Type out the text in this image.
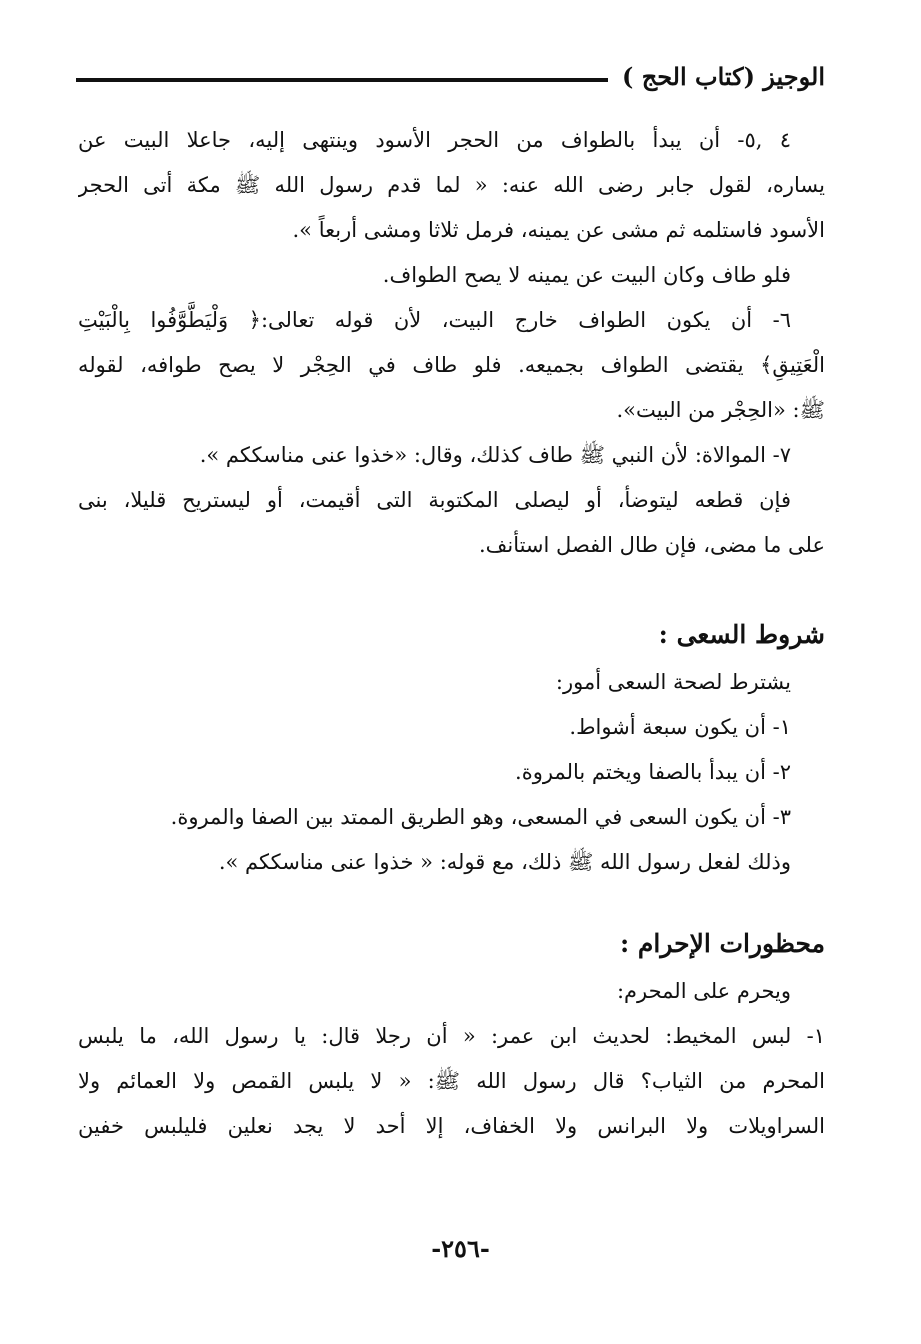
الوجيز (كتاب الحج )
٤ ,٥- أن يبدأ بالطواف من الحجر الأسود وينتهى إليه، جاعلا البيت عن
يساره، لقول جابر رضى الله عنه: « لما قدم رسول الله ﷺ مكة أتى الحجر
الأسود فاستلمه ثم مشى عن يمينه، فرمل ثلاثا ومشى أربعاً ».
فلو طاف وكان البيت عن يمينه لا يصح الطواف.
٦- أن يكون الطواف خارج البيت، لأن قوله تعالى:﴿ وَلْيَطَّوَّفُوا بِالْبَيْتِ
الْعَتِيقِ﴾ يقتضى الطواف بجميعه. فلو طاف في الحِجْر لا يصح طوافه، لقوله
ﷺ: «الحِجْر من البيت».
٧- الموالاة: لأن النبي ﷺ طاف كذلك، وقال: «خذوا عنى مناسككم ».
فإن قطعه ليتوضأ، أو ليصلى المكتوبة التى أقيمت، أو ليستريح قليلا، بنى
على ما مضى، فإن طال الفصل استأنف.
شروط السعى :
يشترط لصحة السعى أمور:
١- أن يكون سبعة أشواط.
٢- أن يبدأ بالصفا ويختم بالمروة.
٣- أن يكون السعى في المسعى، وهو الطريق الممتد بين الصفا والمروة.
وذلك لفعل رسول الله ﷺ ذلك، مع قوله: « خذوا عنى مناسككم ».
محظورات الإحرام :
ويحرم على المحرم:
١- لبس المخيط: لحديث ابن عمر: « أن رجلا قال: يا رسول الله، ما يلبس
المحرم من الثياب؟ قال رسول الله ﷺ: « لا يلبس القمص ولا العمائم ولا
السراويلات ولا البرانس ولا الخفاف، إلا أحد لا يجد نعلين فليلبس خفين
-٢٥٦-
